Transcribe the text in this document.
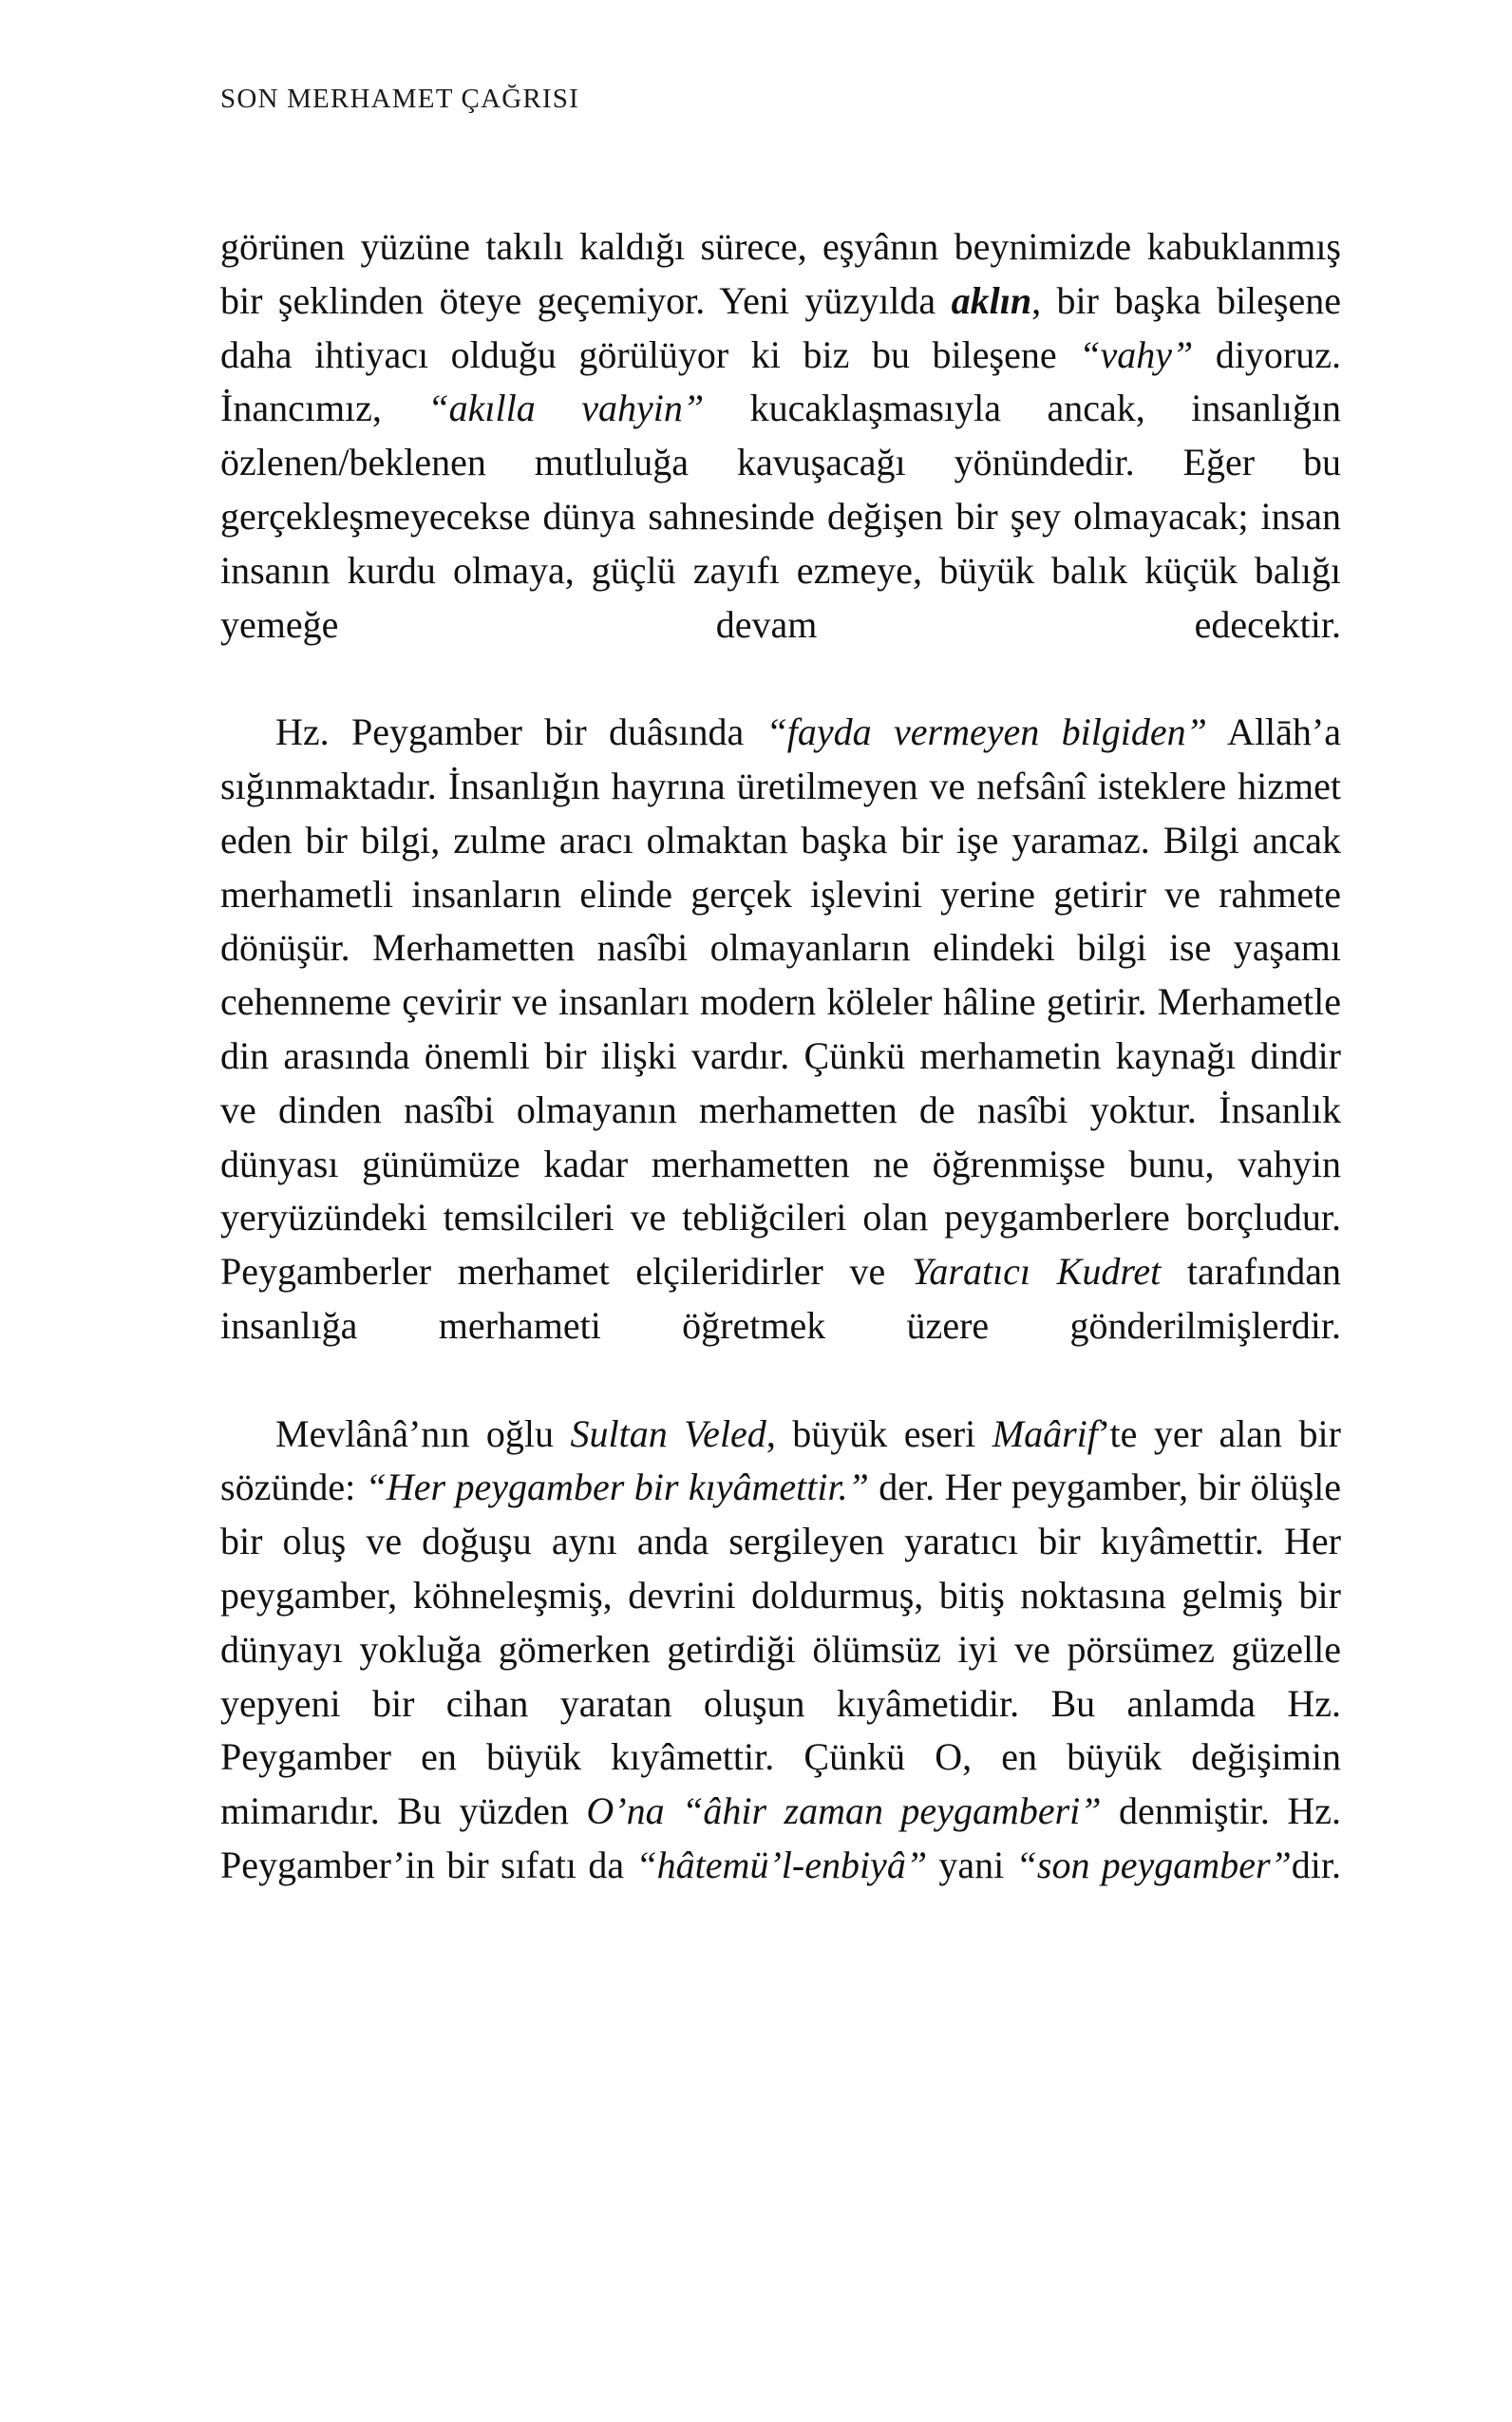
SON MERHAMET ÇAĞRISI

görünen yüzüne takılı kaldığı sürece, eşyânın beynimizde kabuklanmış bir şeklinden öteye geçemiyor. Yeni yüzyılda aklın, bir başka bileşene daha ihtiyacı olduğu görülüyor ki biz bu bileşene “vahy” diyoruz. İnancımız, “akılla vahyin” kucaklaşmasıyla ancak, insanlığın özlenen/beklenen mutluluğa kavuşacağı yönündedir. Eğer bu gerçekleşmeyecekse dünya sahnesinde değişen bir şey olmayacak; insan insanın kurdu olmaya, güçlü zayıfı ezmeye, büyük balık küçük balığı yemeğe devam edecektir.

Hz. Peygamber bir duâsında “fayda vermeyen bilgiden” Allāh’a sığınmaktadır. İnsanlığın hayrına üretilmeyen ve nefsânî isteklere hizmet eden bir bilgi, zulme aracı olmaktan başka bir işe yaramaz. Bilgi ancak merhametli insanların elinde gerçek işlevini yerine getirir ve rahmete dönüşür. Merhametten nasîbi olmayanların elindeki bilgi ise yaşamı cehenneme çevirir ve insanları modern köleler hâline getirir. Merhametle din arasında önemli bir ilişki vardır. Çünkü merhametin kaynağı dindir ve dinden nasîbi olmayanın merhametten de nasîbi yoktur. İnsanlık dünyası günümüze kadar merhametten ne öğrenmişse bunu, vahyin yeryüzündeki temsilcileri ve tebliğcileri olan peygamberlere borçludur. Peygamberler merhamet elçileridirler ve Yaratıcı Kudret tarafından insanlığa merhameti öğretmek üzere gönderilmişlerdir.

Mevlânâ’nın oğlu Sultan Veled, büyük eseri Maârif’te yer alan bir sözünde: “Her peygamber bir kıyâmettir.” der. Her peygamber, bir ölüşle bir oluş ve doğuşu aynı anda sergileyen yaratıcı bir kıyâmettir. Her peygamber, köhneleşmiş, devrini doldurmuş, bitiş noktasına gelmiş bir dünyayı yokluğa gömerken getirdiği ölümsüz iyi ve pörsümez güzelle yepyeni bir cihan yaratan oluşun kıyâmetidir. Bu anlamda Hz. Peygamber en büyük kıyâmettir. Çünkü O, en büyük değişimin mimarıdır. Bu yüzden O’na “âhir zaman peygamberi” denmiştir. Hz. Peygamber’in bir sıfatı da “hâtemü’l-enbiyâ” yani “son peygamber”dir.
